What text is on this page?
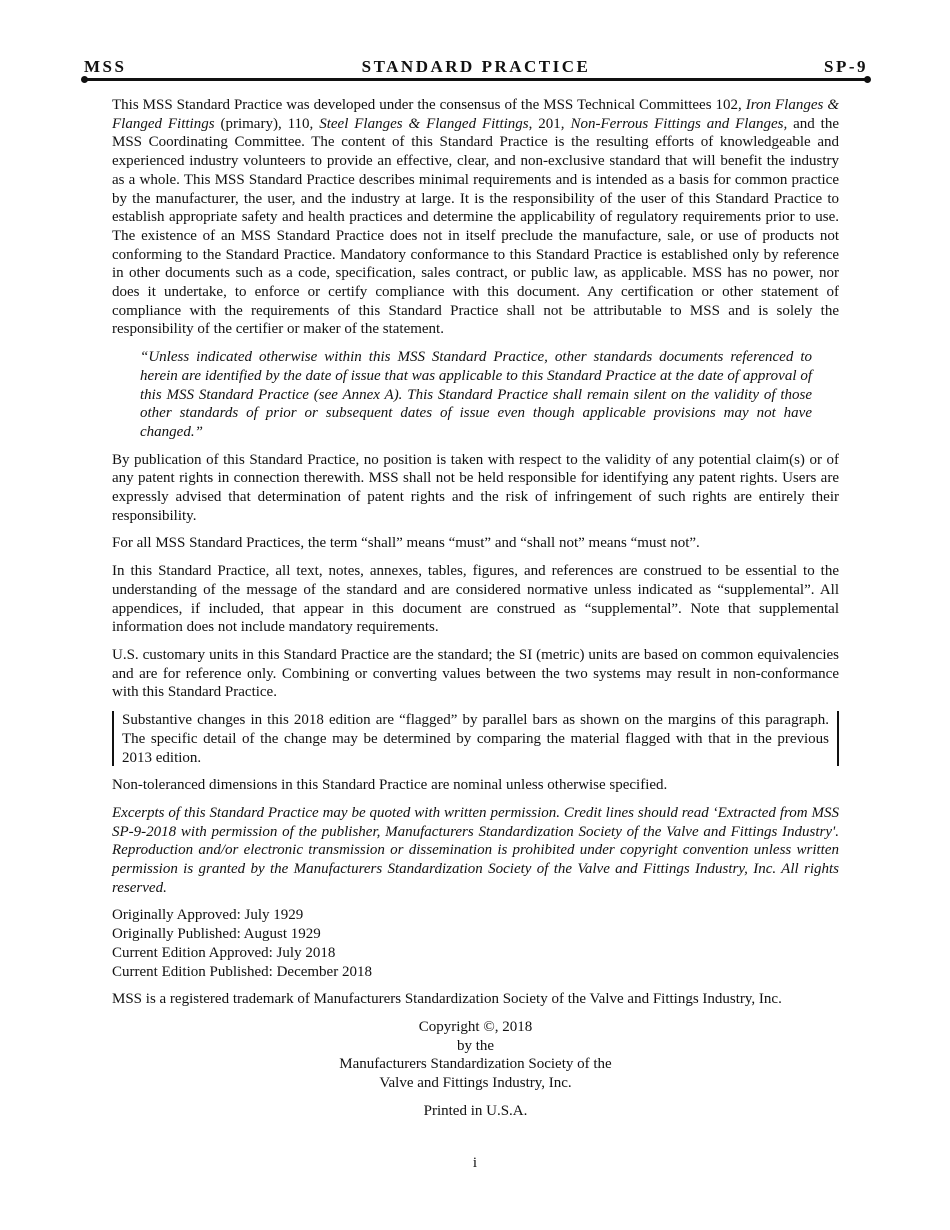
MSS	STANDARD PRACTICE	SP-9

This MSS Standard Practice was developed under the consensus of the MSS Technical Committees 102, Iron Flanges & Flanged Fittings (primary), 110, Steel Flanges & Flanged Fittings, 201, Non-Ferrous Fittings and Flanges, and the MSS Coordinating Committee. The content of this Standard Practice is the resulting efforts of knowledgeable and experienced industry volunteers to provide an effective, clear, and non-exclusive standard that will benefit the industry as a whole. This MSS Standard Practice describes minimal requirements and is intended as a basis for common practice by the manufacturer, the user, and the industry at large. It is the responsibility of the user of this Standard Practice to establish appropriate safety and health practices and determine the applicability of regulatory requirements prior to use. The existence of an MSS Standard Practice does not in itself preclude the manufacture, sale, or use of products not conforming to the Standard Practice. Mandatory conformance to this Standard Practice is established only by reference in other documents such as a code, specification, sales contract, or public law, as applicable. MSS has no power, nor does it undertake, to enforce or certify compliance with this document. Any certification or other statement of compliance with the requirements of this Standard Practice shall not be attributable to MSS and is solely the responsibility of the certifier or maker of the statement.

“Unless indicated otherwise within this MSS Standard Practice, other standards documents referenced to herein are identified by the date of issue that was applicable to this Standard Practice at the date of approval of this MSS Standard Practice (see Annex A). This Standard Practice shall remain silent on the validity of those other standards of prior or subsequent dates of issue even though applicable provisions may not have changed.”

By publication of this Standard Practice, no position is taken with respect to the validity of any potential claim(s) or of any patent rights in connection therewith. MSS shall not be held responsible for identifying any patent rights. Users are expressly advised that determination of patent rights and the risk of infringement of such rights are entirely their responsibility.

For all MSS Standard Practices, the term “shall” means “must” and “shall not” means “must not”.

In this Standard Practice, all text, notes, annexes, tables, figures, and references are construed to be essential to the understanding of the message of the standard and are considered normative unless indicated as “supplemental”. All appendices, if included, that appear in this document are construed as “supplemental”. Note that supplemental information does not include mandatory requirements.

U.S. customary units in this Standard Practice are the standard; the SI (metric) units are based on common equivalencies and are for reference only. Combining or converting values between the two systems may result in non-conformance with this Standard Practice.

Substantive changes in this 2018 edition are “flagged” by parallel bars as shown on the margins of this paragraph. The specific detail of the change may be determined by comparing the material flagged with that in the previous 2013 edition.

Non-toleranced dimensions in this Standard Practice are nominal unless otherwise specified.

Excerpts of this Standard Practice may be quoted with written permission. Credit lines should read ‘Extracted from MSS SP-9-2018 with permission of the publisher, Manufacturers Standardization Society of the Valve and Fittings Industry'. Reproduction and/or electronic transmission or dissemination is prohibited under copyright convention unless written permission is granted by the Manufacturers Standardization Society of the Valve and Fittings Industry, Inc. All rights reserved.

Originally Approved: July 1929
Originally Published: August 1929
Current Edition Approved: July 2018
Current Edition Published: December 2018

MSS is a registered trademark of Manufacturers Standardization Society of the Valve and Fittings Industry, Inc.

Copyright ©, 2018
by the
Manufacturers Standardization Society of the
Valve and Fittings Industry, Inc.
Printed in U.S.A.
i
